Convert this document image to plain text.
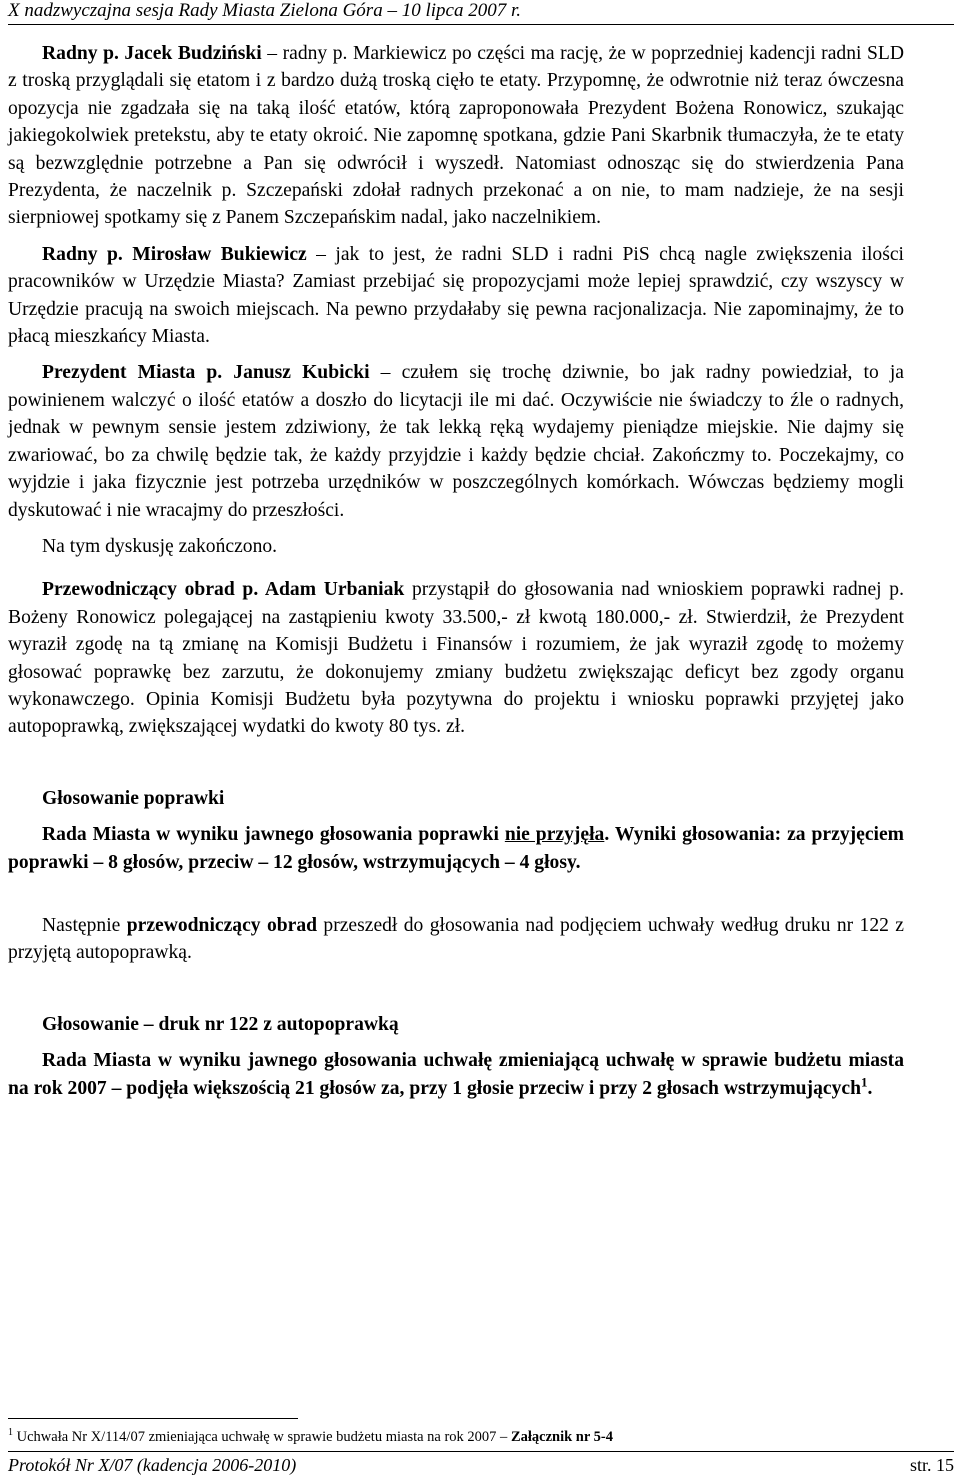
X nadzwyczajna sesja Rady Miasta Zielona Góra – 10 lipca 2007 r.

Radny p. Jacek Budziński – radny p. Markiewicz po części ma rację, że w poprzedniej kadencji radni SLD z troską przyglądali się etatom i z bardzo dużą troską cięło te etaty. Przypomnę, że odwrotnie niż teraz ówczesna opozycja nie zgadzała się na taką ilość etatów, którą zaproponowała Prezydent Bożena Ronowicz, szukając jakiegokolwiek pretekstu, aby te etaty okroić. Nie zapomnę spotkana, gdzie Pani Skarbnik tłumaczyła, że te etaty są bezwzględnie potrzebne a Pan się odwrócił i wyszedł. Natomiast odnosząc się do stwierdzenia Pana Prezydenta, że naczelnik p. Szczepański zdołał radnych przekonać a on nie, to mam nadzieje, że na sesji sierpniowej spotkamy się z Panem Szczepańskim nadal, jako naczelnikiem.

Radny p. Mirosław Bukiewicz – jak to jest, że radni SLD i radni PiS chcą nagle zwiększenia ilości pracowników w Urzędzie Miasta? Zamiast przebijać się propozycjami może lepiej sprawdzić, czy wszyscy w Urzędzie pracują na swoich miejscach. Na pewno przydałaby się pewna racjonalizacja. Nie zapominajmy, że to płacą mieszkańcy Miasta.

Prezydent Miasta p. Janusz Kubicki – czułem się trochę dziwnie, bo jak radny powiedział, to ja powinienem walczyć o ilość etatów a doszło do licytacji ile mi dać. Oczywiście nie świadczy to źle o radnych, jednak w pewnym sensie jestem zdziwiony, że tak lekką ręką wydajemy pieniądze miejskie. Nie dajmy się zwariować, bo za chwilę będzie tak, że każdy przyjdzie i każdy będzie chciał. Zakończmy to. Poczekajmy, co wyjdzie i jaka fizycznie jest potrzeba urzędników w poszczególnych komórkach. Wówczas będziemy mogli dyskutować i nie wracajmy do przeszłości.

Na tym dyskusję zakończono.

Przewodniczący obrad p. Adam Urbaniak przystąpił do głosowania nad wnioskiem poprawki radnej p. Bożeny Ronowicz polegającej na zastąpieniu kwoty 33.500,- zł kwotą 180.000,- zł. Stwierdził, że Prezydent wyraził zgodę na tą zmianę na Komisji Budżetu i Finansów i rozumiem, że jak wyraził zgodę to możemy głosować poprawkę bez zarzutu, że dokonujemy zmiany budżetu zwiększając deficyt bez zgody organu wykonawczego. Opinia Komisji Budżetu była pozytywna do projektu i wniosku poprawki przyjętej jako autopoprawką, zwiększającej wydatki do kwoty 80 tys. zł.

Głosowanie poprawki

Rada Miasta w wyniku jawnego głosowania poprawki nie przyjęła. Wyniki głosowania: za przyjęciem poprawki – 8 głosów, przeciw – 12 głosów, wstrzymujących – 4 głosy.

Następnie przewodniczący obrad przeszedł do głosowania nad podjęciem uchwały według druku nr 122 z przyjętą autopoprawką.

Głosowanie – druk nr 122 z autopoprawką

Rada Miasta w wyniku jawnego głosowania uchwałę zmieniającą uchwałę w sprawie budżetu miasta na rok 2007 – podjęła większością 21 głosów za, przy 1 głosie przeciw i przy 2 głosach wstrzymujących$^1$.

$^1$ Uchwała Nr X/114/07 zmieniająca uchwałę w sprawie budżetu miasta na rok 2007 – Załącznik nr 5-4
Protokół Nr X/07 (kadencja 2006-2010)	str. 15
